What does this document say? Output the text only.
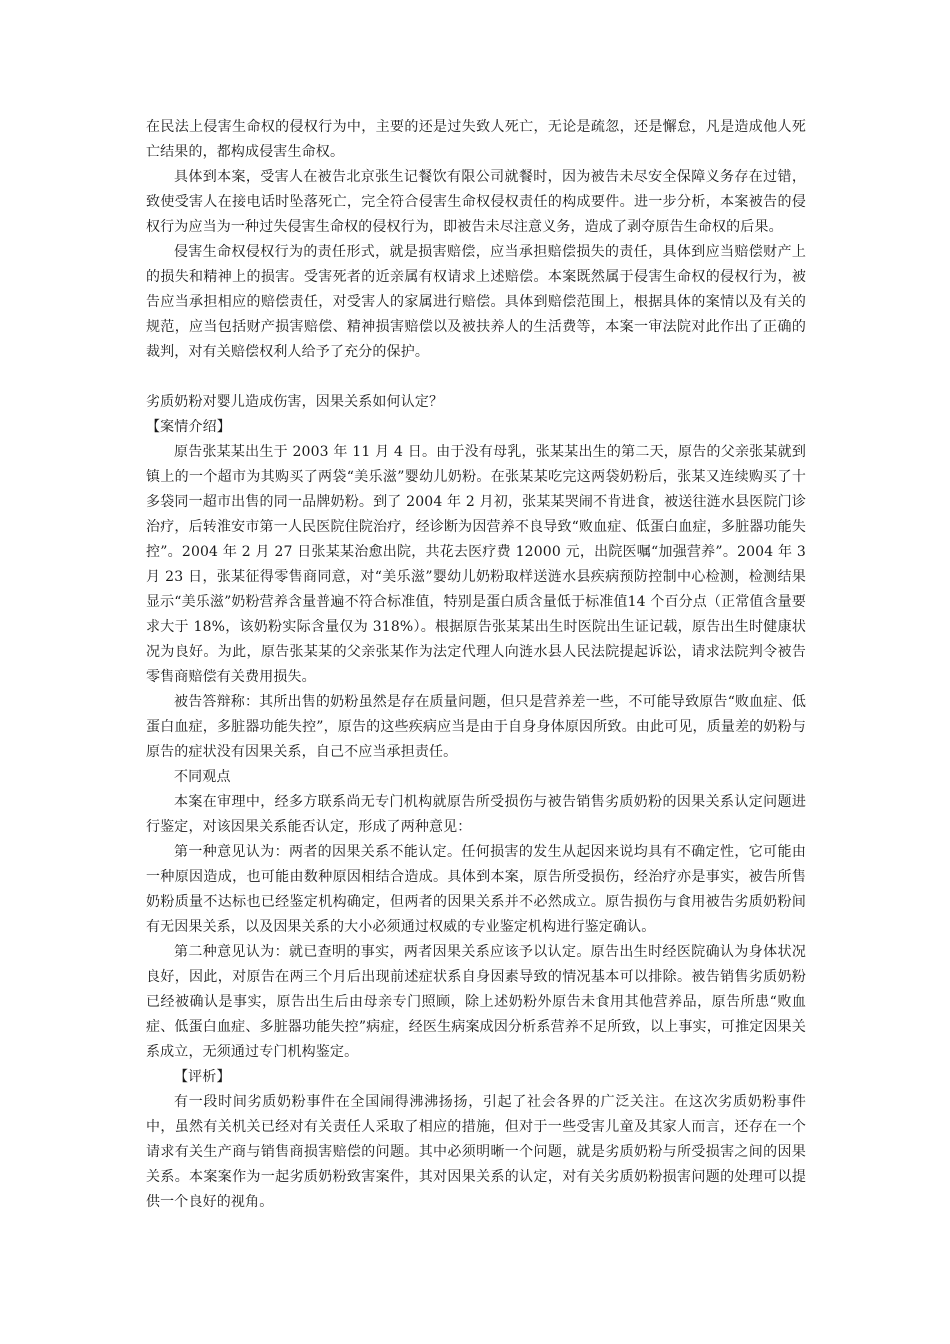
在民法上侵害生命权的侵权行为中，主要的还是过失致人死亡，无论是疏忽，还是懈怠，凡是造成他人死亡结果的，都构成侵害生命权。

具体到本案，受害人在被告北京张生记餐饮有限公司就餐时，因为被告未尽安全保障义务存在过错，致使受害人在接电话时坠落死亡，完全符合侵害生命权侵权责任的构成要件。进一步分析，本案被告的侵权行为应当为一种过失侵害生命权的侵权行为，即被告未尽注意义务，造成了剥夺原告生命权的后果。

侵害生命权侵权行为的责任形式，就是损害赔偿，应当承担赔偿损失的责任，具体到应当赔偿财产上的损失和精神上的损害。受害死者的近亲属有权请求上述赔偿。本案既然属于侵害生命权的侵权行为，被告应当承担相应的赔偿责任，对受害人的家属进行赔偿。具体到赔偿范围上，根据具体的案情以及有关的规范，应当包括财产损害赔偿、精神损害赔偿以及被扶养人的生活费等，本案一审法院对此作出了正确的裁判，对有关赔偿权利人给予了充分的保护。

劣质奶粉对婴儿造成伤害，因果关系如何认定？

【案情介绍】

原告张某某出生于 2003 年 11 月 4 日。由于没有母乳，张某某出生的第二天，原告的父亲张某就到镇上的一个超市为其购买了两袋“美乐滋”婴幼儿奶粉。在张某某吃完这两袋奶粉后，张某又连续购买了十多袋同一超市出售的同一品牌奶粉。到了 2004 年 2 月初，张某某哭闹不肯进食，被送往涟水县医院门诊治疗，后转淮安市第一人民医院住院治疗，经诊断为因营养不良导致“败血症、低蛋白血症，多脏器功能失控”。2004 年 2 月 27 日张某某治愈出院，共花去医疗费 12000 元，出院医嘱“加强营养”。2004 年 3 月 23 日，张某征得零售商同意，对“美乐滋”婴幼儿奶粉取样送涟水县疾病预防控制中心检测，检测结果显示“美乐滋”奶粉营养含量普遍不符合标准值，特别是蛋白质含量低于标准值14 个百分点（正常值含量要求大于 18%，该奶粉实际含量仅为 318%）。根据原告张某某出生时医院出生证记载，原告出生时健康状况为良好。为此，原告张某某的父亲张某作为法定代理人向涟水县人民法院提起诉讼，请求法院判令被告零售商赔偿有关费用损失。

被告答辩称：其所出售的奶粉虽然是存在质量问题，但只是营养差一些，不可能导致原告“败血症、低蛋白血症，多脏器功能失控”，原告的这些疾病应当是由于自身身体原因所致。由此可见，质量差的奶粉与原告的症状没有因果关系，自己不应当承担责任。

不同观点

本案在审理中，经多方联系尚无专门机构就原告所受损伤与被告销售劣质奶粉的因果关系认定问题进行鉴定，对该因果关系能否认定，形成了两种意见：

第一种意见认为：两者的因果关系不能认定。任何损害的发生从起因来说均具有不确定性，它可能由一种原因造成，也可能由数种原因相结合造成。具体到本案，原告所受损伤，经治疗亦是事实，被告所售奶粉质量不达标也已经鉴定机构确定，但两者的因果关系并不必然成立。原告损伤与食用被告劣质奶粉间有无因果关系，以及因果关系的大小必须通过权威的专业鉴定机构进行鉴定确认。

第二种意见认为：就已查明的事实，两者因果关系应该予以认定。原告出生时经医院确认为身体状况良好，因此，对原告在两三个月后出现前述症状系自身因素导致的情况基本可以排除。被告销售劣质奶粉已经被确认是事实，原告出生后由母亲专门照顾，除上述奶粉外原告未食用其他营养品，原告所患“败血症、低蛋白血症、多脏器功能失控”病症，经医生病案成因分析系营养不足所致，以上事实，可推定因果关系成立，无须通过专门机构鉴定。

【评析】

有一段时间劣质奶粉事件在全国闹得沸沸扬扬，引起了社会各界的广泛关注。在这次劣质奶粉事件中，虽然有关机关已经对有关责任人采取了相应的措施，但对于一些受害儿童及其家人而言，还存在一个请求有关生产商与销售商损害赔偿的问题。其中必须明晰一个问题，就是劣质奶粉与所受损害之间的因果关系。本案案作为一起劣质奶粉致害案件，其对因果关系的认定，对有关劣质奶粉损害问题的处理可以提供一个良好的视角。
